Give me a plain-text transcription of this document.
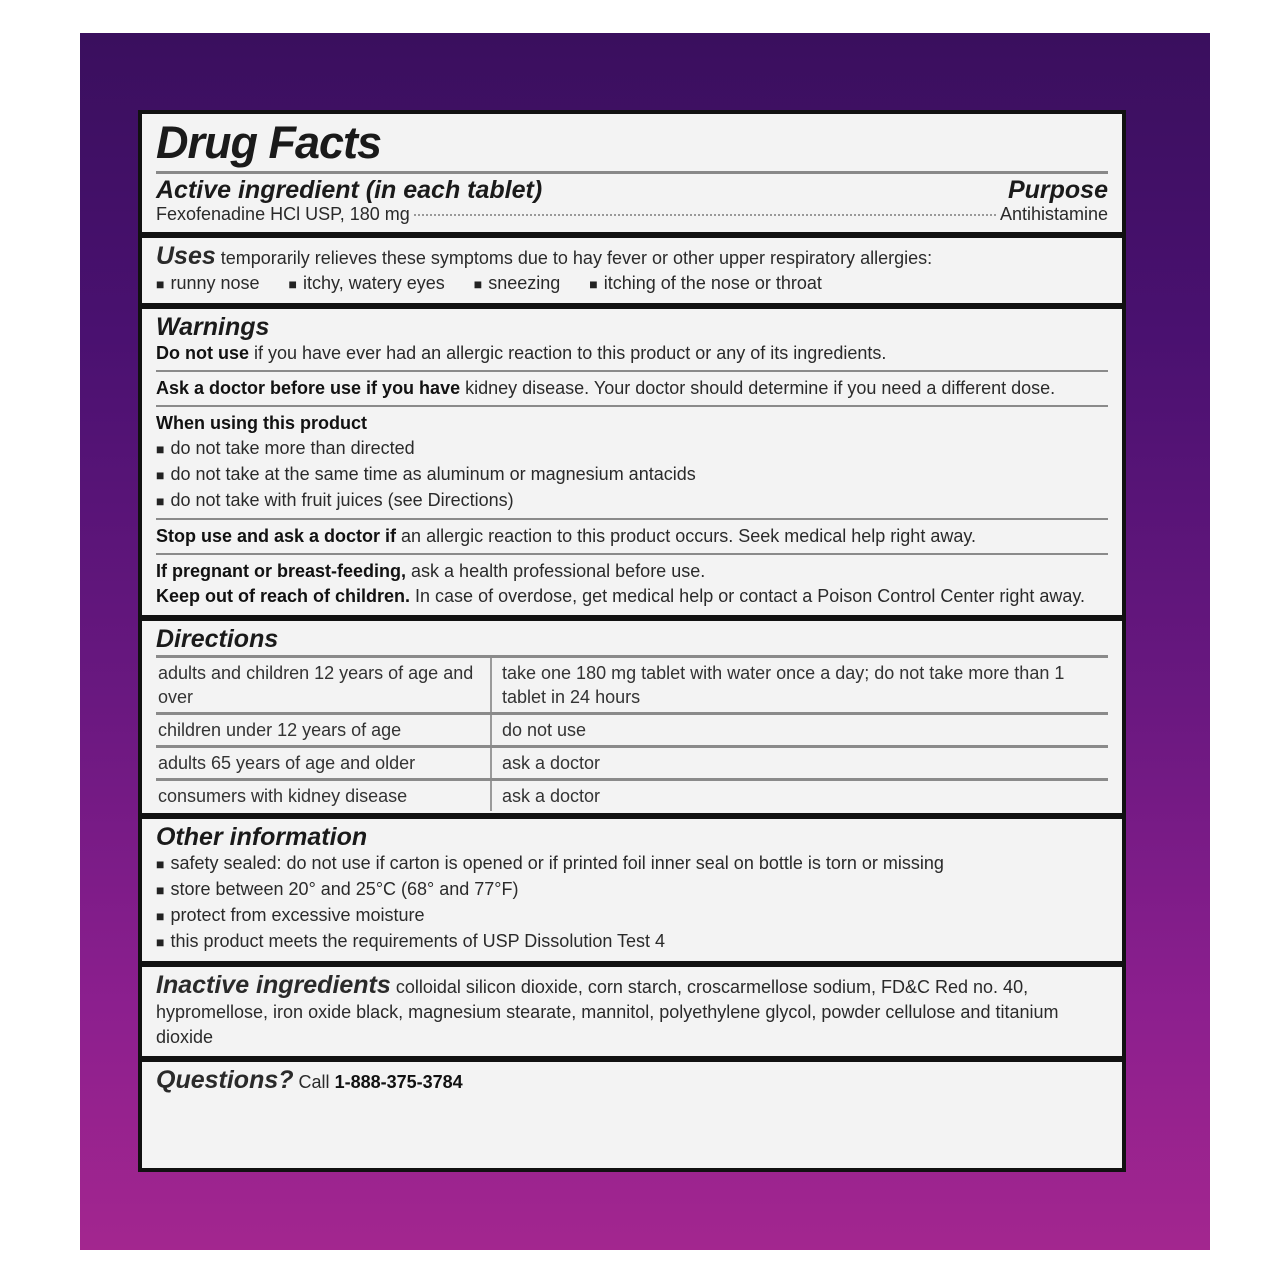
Drug Facts
Active ingredient (in each tablet)	Purpose
Fexofenadine HCl USP, 180 mg	Antihistamine
Uses temporarily relieves these symptoms due to hay fever or other upper respiratory allergies:
■ runny nose ■ itchy, watery eyes ■ sneezing ■ itching of the nose or throat
Warnings
Do not use if you have ever had an allergic reaction to this product or any of its ingredients.
Ask a doctor before use if you have kidney disease. Your doctor should determine if you need a different dose.
When using this product
■ do not take more than directed
■ do not take at the same time as aluminum or magnesium antacids
■ do not take with fruit juices (see Directions)
Stop use and ask a doctor if an allergic reaction to this product occurs. Seek medical help right away.
If pregnant or breast-feeding, ask a health professional before use.
Keep out of reach of children. In case of overdose, get medical help or contact a Poison Control Center right away.
Directions
adults and children 12 years of age and over	take one 180 mg tablet with water once a day; do not take more than 1 tablet in 24 hours
children under 12 years of age	do not use
adults 65 years of age and older	ask a doctor
consumers with kidney disease	ask a doctor
Other information
■ safety sealed: do not use if carton is opened or if printed foil inner seal on bottle is torn or missing
■ store between 20° and 25°C (68° and 77°F)
■ protect from excessive moisture
■ this product meets the requirements of USP Dissolution Test 4
Inactive ingredients colloidal silicon dioxide, corn starch, croscarmellose sodium, FD&C Red no. 40, hypromellose, iron oxide black, magnesium stearate, mannitol, polyethylene glycol, powder cellulose and titanium dioxide
Questions? Call 1-888-375-3784
